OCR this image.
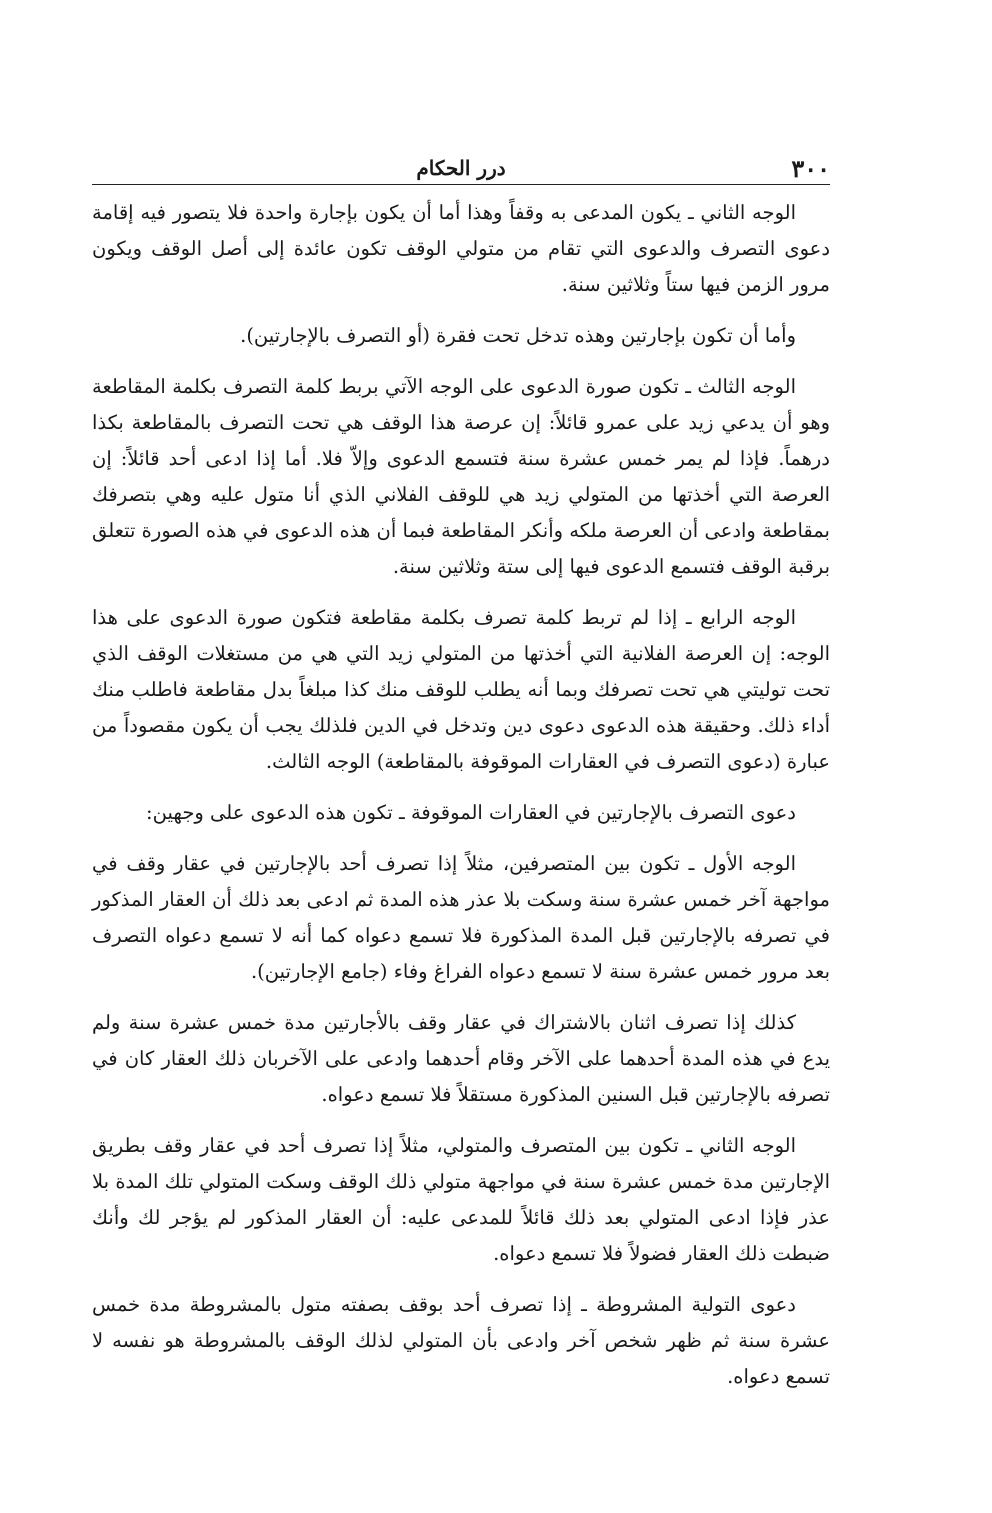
٣٠٠
درر الحكام

الوجه الثاني ـ يكون المدعى به وقفاً وهذا أما أن يكون بإجارة واحدة فلا يتصور فيه إقامة دعوى التصرف والدعوى التي تقام من متولي الوقف تكون عائدة إلى أصل الوقف ويكون مرور الزمن فيها ستاً وثلاثين سنة.

وأما أن تكون بإجارتين وهذه تدخل تحت فقرة (أو التصرف بالإجارتين).

الوجه الثالث ـ تكون صورة الدعوى على الوجه الآتي بربط كلمة التصرف بكلمة المقاطعة وهو أن يدعي زيد على عمرو قائلاً: إن عرصة هذا الوقف هي تحت التصرف بالمقاطعة بكذا درهماً. فإذا لم يمر خمس عشرة سنة فتسمع الدعوى وإلاّ فلا. أما إذا ادعى أحد قائلاً: إن العرصة التي أخذتها من المتولي زيد هي للوقف الفلاني الذي أنا متول عليه وهي بتصرفك بمقاطعة وادعى أن العرصة ملكه وأنكر المقاطعة فبما أن هذه الدعوى في هذه الصورة تتعلق برقبة الوقف فتسمع الدعوى فيها إلى ستة وثلاثين سنة.

الوجه الرابع ـ إذا لم تربط كلمة تصرف بكلمة مقاطعة فتكون صورة الدعوى على هذا الوجه: إن العرصة الفلانية التي أخذتها من المتولي زيد التي هي من مستغلات الوقف الذي تحت توليتي هي تحت تصرفك وبما أنه يطلب للوقف منك كذا مبلغاً بدل مقاطعة فاطلب منك أداء ذلك. وحقيقة هذه الدعوى دعوى دين وتدخل في الدين فلذلك يجب أن يكون مقصوداً من عبارة (دعوى التصرف في العقارات الموقوفة بالمقاطعة) الوجه الثالث.

دعوى التصرف بالإجارتين في العقارات الموقوفة ـ تكون هذه الدعوى على وجهين:

الوجه الأول ـ تكون بين المتصرفين، مثلاً إذا تصرف أحد بالإجارتين في عقار وقف في مواجهة آخر خمس عشرة سنة وسكت بلا عذر هذه المدة ثم ادعى بعد ذلك أن العقار المذكور في تصرفه بالإجارتين قبل المدة المذكورة فلا تسمع دعواه كما أنه لا تسمع دعواه التصرف بعد مرور خمس عشرة سنة لا تسمع دعواه الفراغ وفاء (جامع الإجارتين).

كذلك إذا تصرف اثنان بالاشتراك في عقار وقف بالأجارتين مدة خمس عشرة سنة ولم يدع في هذه المدة أحدهما على الآخر وقام أحدهما وادعى على الآخربان ذلك العقار كان في تصرفه بالإجارتين قبل السنين المذكورة مستقلاً فلا تسمع دعواه.

الوجه الثاني ـ تكون بين المتصرف والمتولي، مثلاً إذا تصرف أحد في عقار وقف بطريق الإجارتين مدة خمس عشرة سنة في مواجهة متولي ذلك الوقف وسكت المتولي تلك المدة بلا عذر فإذا ادعى المتولي بعد ذلك قائلاً للمدعى عليه: أن العقار المذكور لم يؤجر لك وأنك ضبطت ذلك العقار فضولاً فلا تسمع دعواه.

دعوى التولية المشروطة ـ إذا تصرف أحد بوقف بصفته متول بالمشروطة مدة خمس عشرة سنة ثم ظهر شخص آخر وادعى بأن المتولي لذلك الوقف بالمشروطة هو نفسه لا تسمع دعواه.
